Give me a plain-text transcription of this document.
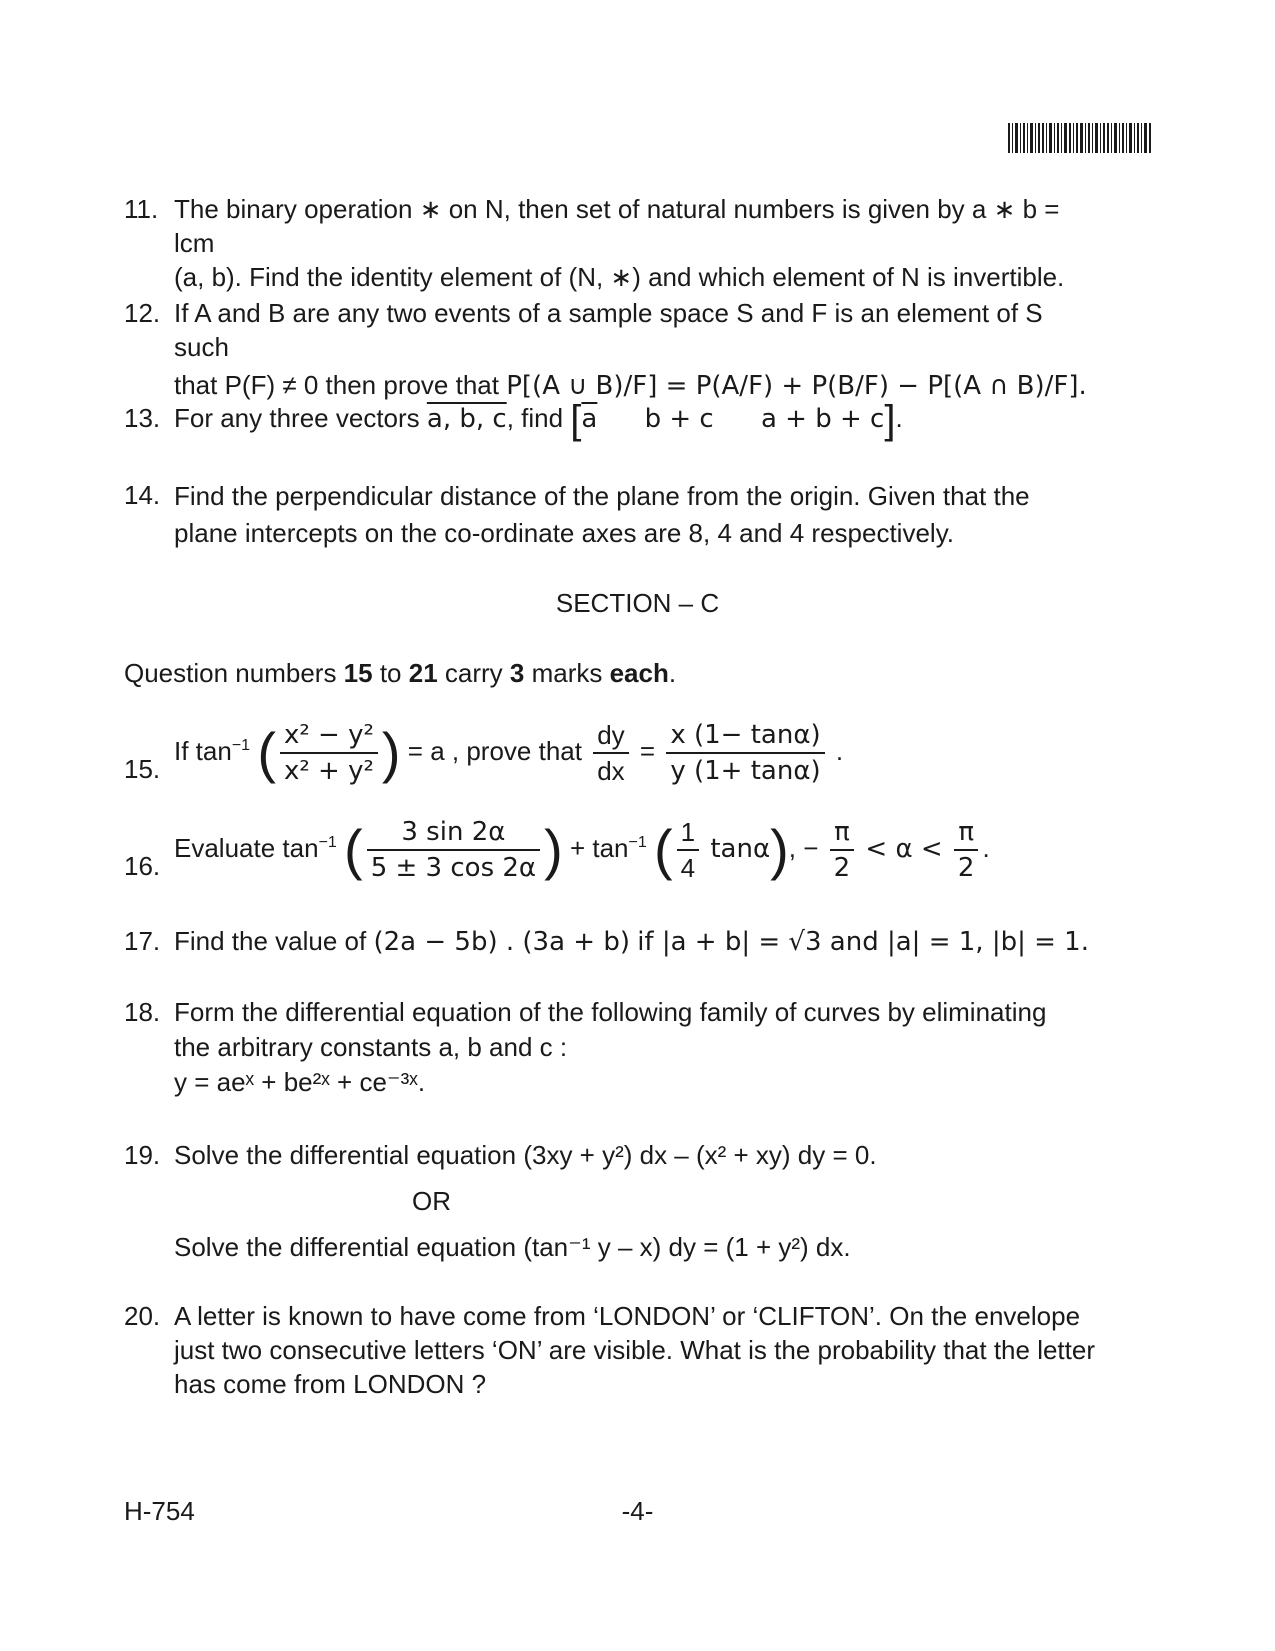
11. The binary operation ∗ on N, then set of natural numbers is given by a ∗ b = lcm
(a, b). Find the identity element of (N, ∗) and which element of N is invertible.
12. If A and B are any two events of a sample space S and F is an element of S such
that P(F) ≠ 0 then prove that P[(A ∪ B)/F] = P(A/F) + P(B/F) − P[(A ∩ B)/F].
13. For any three vectors a, b, c, find [$\overline{a}$ b + c a + b + c].
14. Find the perpendicular distance of the plane from the origin. Given that the
plane intercepts on the co-ordinate axes are 8, 4 and 4 respectively.
SECTION – C
Question numbers 15 to 21 carry 3 marks each.
15.
If $\tan^{-1}$ ( $\frac{\text{x² − y²}}{\text{x² + y²}}$ ) = a , prove that $\frac{dy}{dx} = \frac{x (1- \tan\alpha)}{y (1+ \tan\alpha)}$ .
16.
Evaluate $\tan^{-1}$ ( $\frac{3 \sin 2\alpha}{5 \pm 3 \cos 2\alpha}$ ) + $\tan^{-1}$ ( $\frac{1}{4} \tan\alpha$), − $\frac{\pi}{2} < \alpha < \frac{\pi}{2}$ .
17. Find the value of (2a − 5b) . (3a + b) if |a + b| = √3 and |a| = 1, |b| = 1.
18. Form the differential equation of the following family of curves by eliminating
the arbitrary constants a, b and c :
y = aeˣ + be²ˣ + ce⁻³ˣ.
19. Solve the differential equation (3xy + y²) dx – (x² + xy) dy = 0.
OR
Solve the differential equation (tan⁻¹ y – x) dy = (1 + y²) dx.
20. A letter is known to have come from ‘LONDON’ or ‘CLIFTON’. On the envelope
just two consecutive letters ‘ON’ are visible. What is the probability that the letter
has come from LONDON ?
H-754	-4-
